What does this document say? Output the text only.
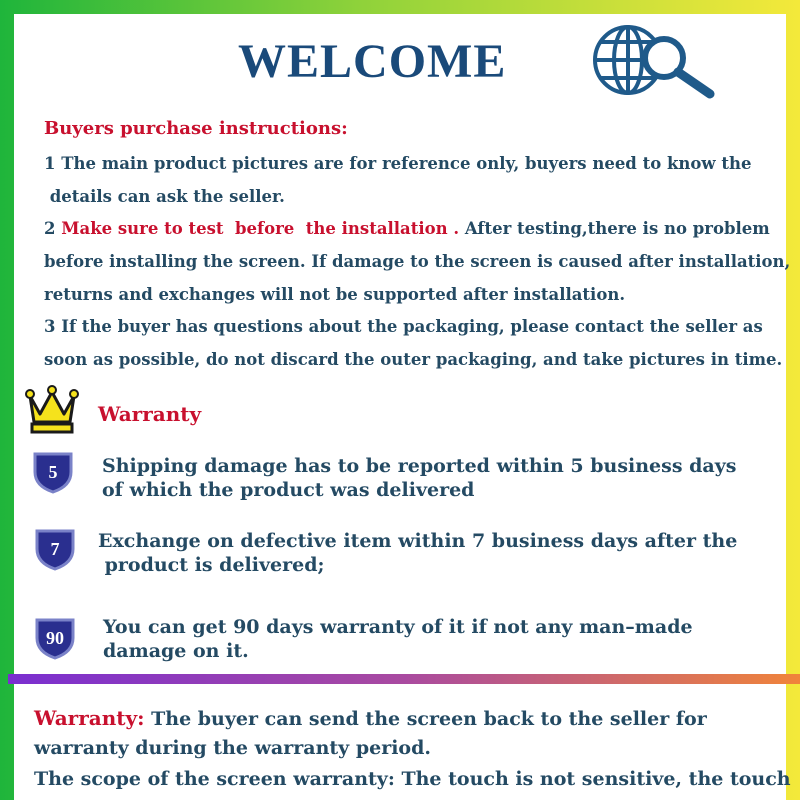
WELCOME
Buyers purchase instructions:
1 The main product pictures are for reference only, buyers need to know the
details can ask the seller.
2 Make sure to test  before  the installation . After testing,there is no problem
before installing the screen. If damage to the screen is caused after installation,
returns and exchanges will not be supported after installation.
3 If the buyer has questions about the packaging, please contact the seller as
soon as possible, do not discard the outer packaging, and take pictures in time.
Warranty
5	Shipping damage has to be reported within 5 business days
of which the product was delivered
7	Exchange on defective item within 7 business days after the
product is delivered;
90	You can get 90 days warranty of it if not any man–made
damage on it.
Warranty: The buyer can send the screen back to the seller for
warranty during the warranty period.
The scope of the screen warranty: The touch is not sensitive, the touch
